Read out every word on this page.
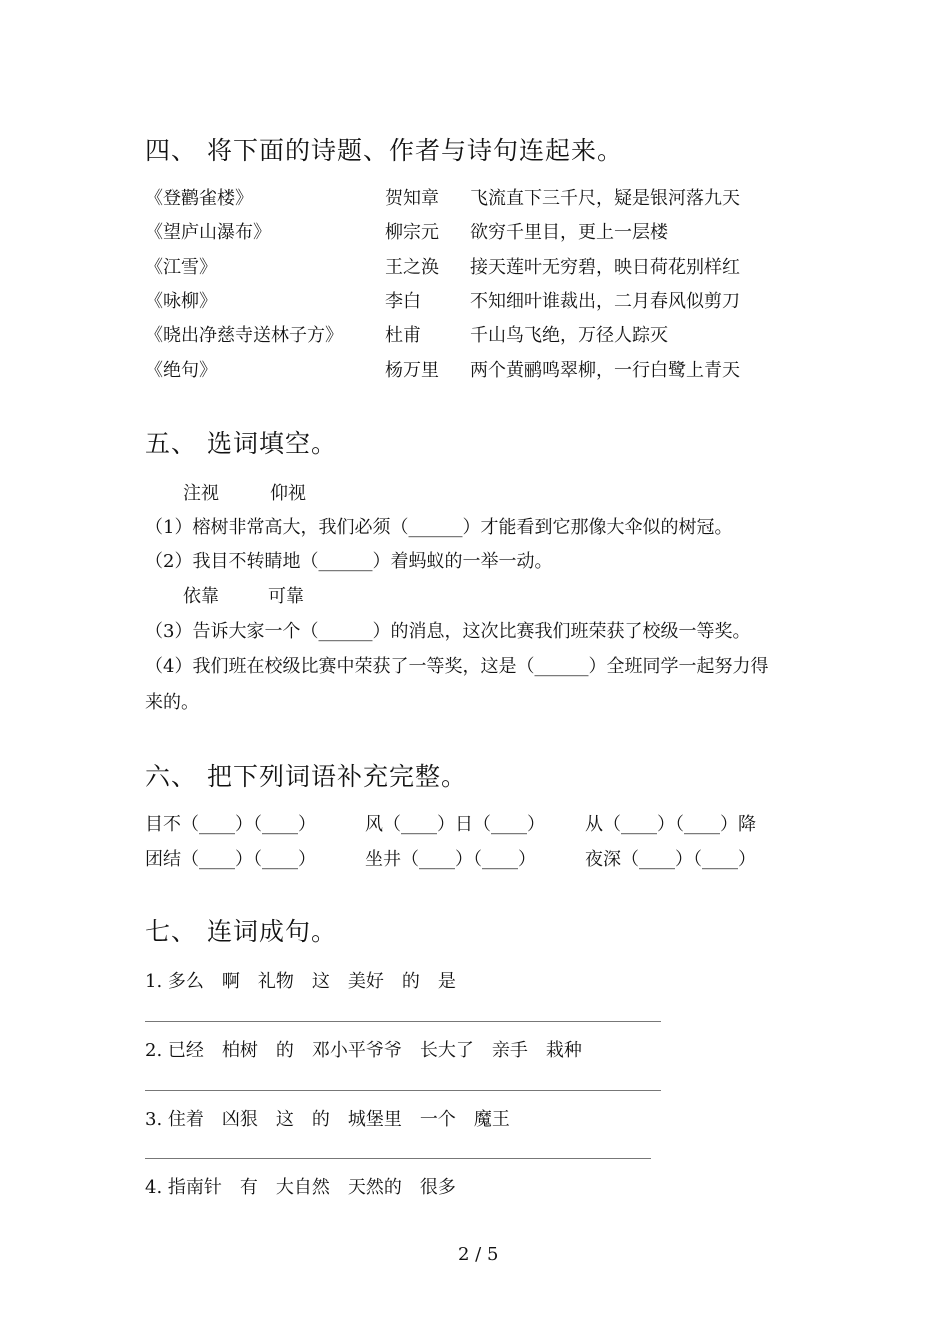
四、 将下面的诗题、作者与诗句连起来。
《登鹳雀楼》	贺知章 飞流直下三千尺，疑是银河落九天
《望庐山瀑布》	柳宗元 欲穷千里目，更上一层楼
《江雪》	王之涣 接天莲叶无穷碧，映日荷花别样红
《咏柳》	李白	不知细叶谁裁出，二月春风似剪刀
《晓出净慈寺送林子方》 杜甫	千山鸟飞绝，万径人踪灭
《绝句》	杨万里 两个黄鹂鸣翠柳，一行白鹭上青天
五、 选词填空。
注视	仰视
（1）榕树非常高大，我们必须（______）才能看到它那像大伞似的树冠。
（2）我目不转睛地（______）着蚂蚁的一举一动。
依靠	可靠
（3）告诉大家一个（______）的消息，这次比赛我们班荣获了校级一等奖。
（4）我们班在校级比赛中荣获了一等奖，这是（______）全班同学一起努力得
来的。
六、 把下列词语补充完整。
目不（____）（____）	风（____）日（____） 从（____）（____）降
团结（____）（____）	坐井（____）（____）	夜深（____）（____）
七、 连词成句。
1. 多么　啊　礼物　这　美好　的　是
2. 已经　柏树　的　邓小平爷爷　长大了　亲手　栽种
3. 住着　凶狠　这　的　城堡里　一个　魔王
4. 指南针　有　大自然　天然的　很多
2 / 5
